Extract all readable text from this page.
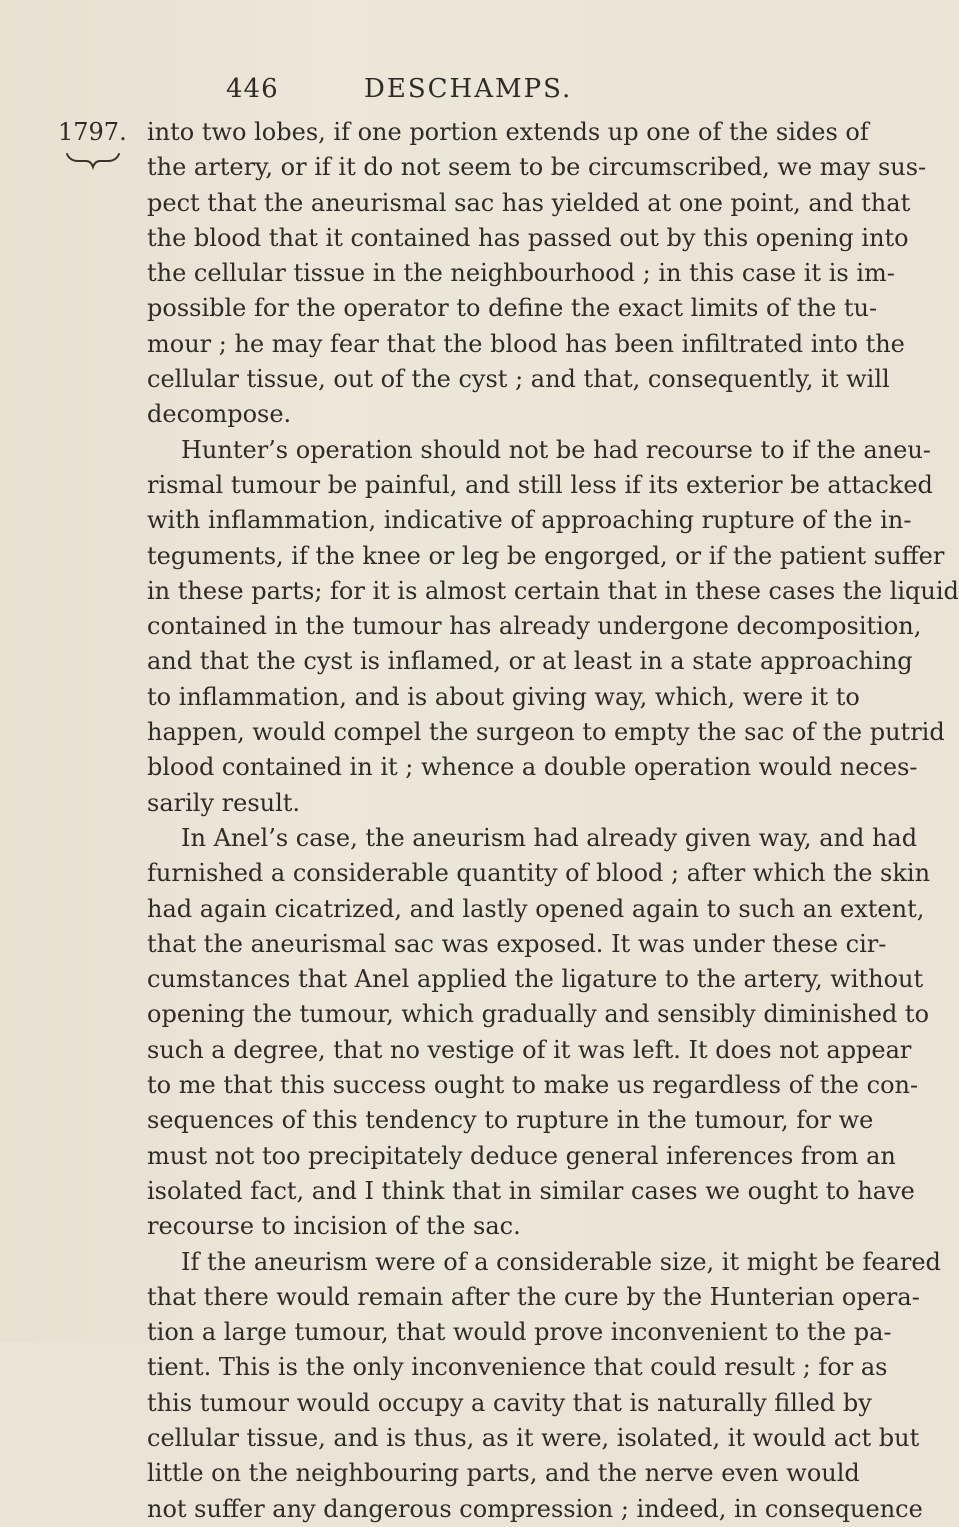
446	DESCHAMPS.
1797. into two lobes, if one portion extends up one of the sides of
the artery, or if it do not seem to be circumscribed, we may sus-
pect that the aneurismal sac has yielded at one point, and that
the blood that it contained has passed out by this opening into
the cellular tissue in the neighbourhood ; in this case it is im-
possible for the operator to define the exact limits of the tu-
mour ; he may fear that the blood has been infiltrated into the
cellular tissue, out of the cyst ; and that, consequently, it will
decompose.
Hunter’s operation should not be had recourse to if the aneu-
rismal tumour be painful, and still less if its exterior be attacked
with inflammation, indicative of approaching rupture of the in-
teguments, if the knee or leg be engorged, or if the patient suffer
in these parts; for it is almost certain that in these cases the liquid
contained in the tumour has already undergone decomposition,
and that the cyst is inflamed, or at least in a state approaching
to inflammation, and is about giving way, which, were it to
happen, would compel the surgeon to empty the sac of the putrid
blood contained in it ; whence a double operation would neces-
sarily result.
In Anel’s case, the aneurism had already given way, and had
furnished a considerable quantity of blood ; after which the skin
had again cicatrized, and lastly opened again to such an extent,
that the aneurismal sac was exposed. It was under these cir-
cumstances that Anel applied the ligature to the artery, without
opening the tumour, which gradually and sensibly diminished to
such a degree, that no vestige of it was left. It does not appear
to me that this success ought to make us regardless of the con-
sequences of this tendency to rupture in the tumour, for we
must not too precipitately deduce general inferences from an
isolated fact, and I think that in similar cases we ought to have
recourse to incision of the sac.
If the aneurism were of a considerable size, it might be feared
that there would remain after the cure by the Hunterian opera-
tion a large tumour, that would prove inconvenient to the pa-
tient. This is the only inconvenience that could result ; for as
this tumour would occupy a cavity that is naturally filled by
cellular tissue, and is thus, as it were, isolated, it would act but
little on the neighbouring parts, and the nerve even would
not suffer any dangerous compression ; indeed, in consequence
